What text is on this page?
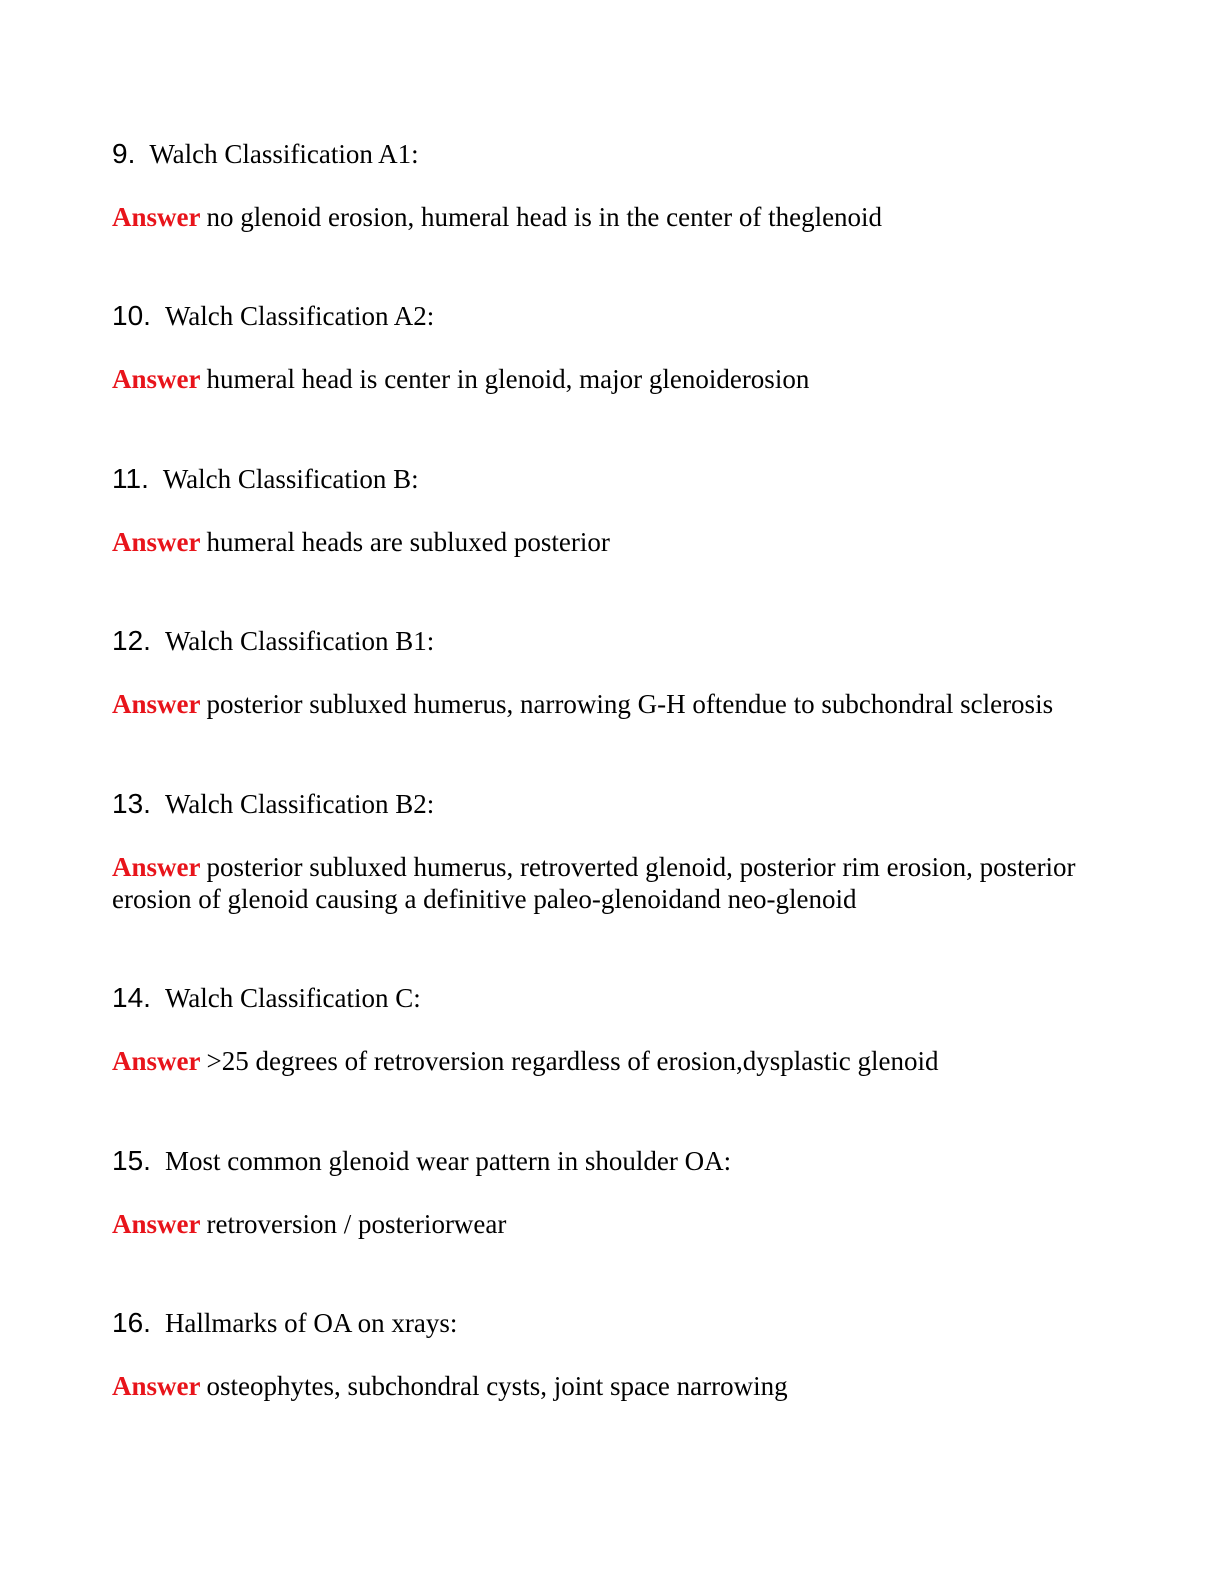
9. Walch Classification A1:
Answer no glenoid erosion, humeral head is in the center of theglenoid
10. Walch Classification A2:
Answer humeral head is center in glenoid, major glenoiderosion
11. Walch Classification B:
Answer humeral heads are subluxed posterior
12. Walch Classification B1:
Answer posterior subluxed humerus, narrowing G-H oftendue to subchondral sclerosis
13. Walch Classification B2:
Answer posterior subluxed humerus, retroverted glenoid, posterior rim erosion, posterior erosion of glenoid causing a definitive paleo-glenoidand neo-glenoid
14. Walch Classification C:
Answer >25 degrees of retroversion regardless of erosion,dysplastic glenoid
15. Most common glenoid wear pattern in shoulder OA:
Answer retroversion / posteriorwear
16. Hallmarks of OA on xrays:
Answer osteophytes, subchondral cysts, joint space narrowing
